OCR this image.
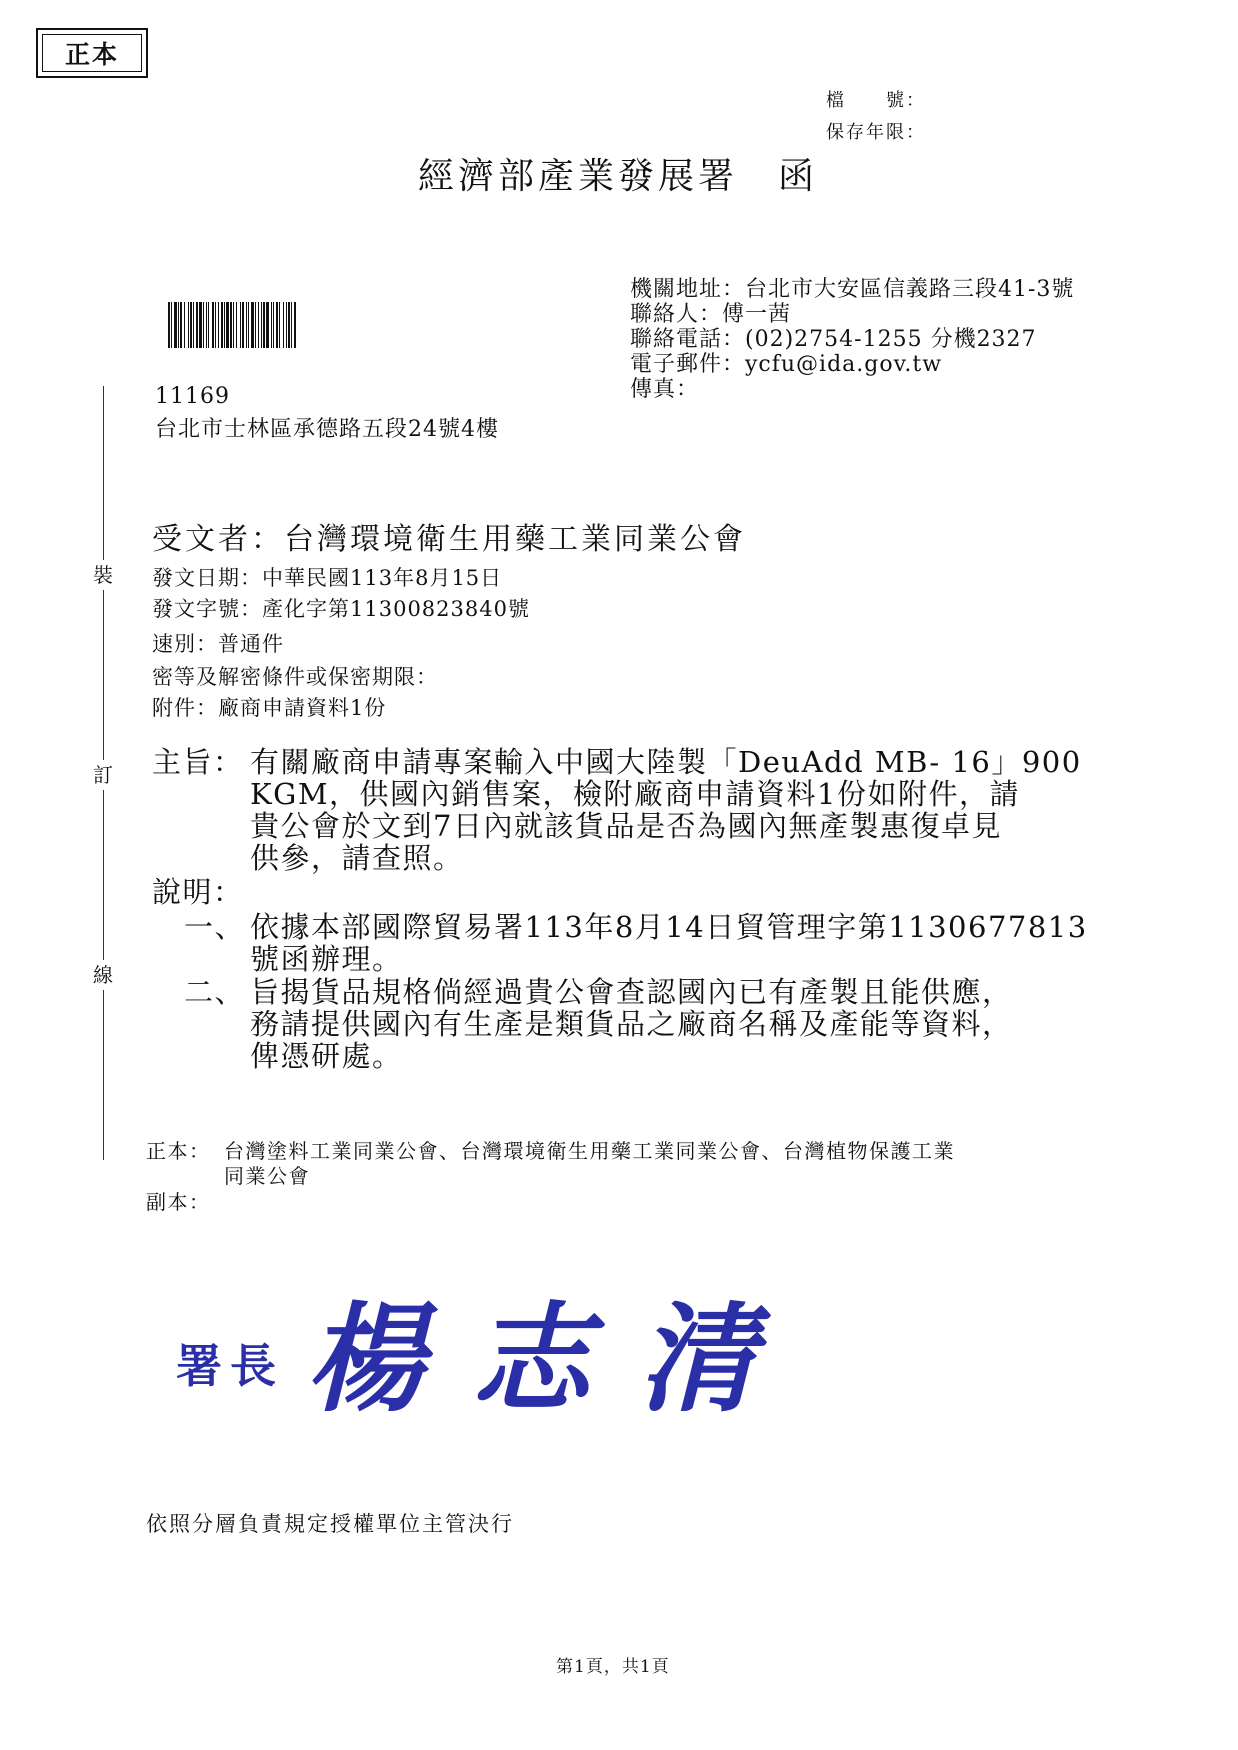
正本
檔　　號：
保存年限：
經濟部產業發展署　函
機關地址：台北市大安區信義路三段41-3號
聯絡人：傅一茜
聯絡電話：(02)2754-1255 分機2327
電子郵件：ycfu@ida.gov.tw
傳真：
裝
訂
線
11169
台北市士林區承德路五段24號4樓
受文者：台灣環境衛生用藥工業同業公會
發文日期：中華民國113年8月15日
發文字號：產化字第11300823840號
速別：普通件
密等及解密條件或保密期限：
附件：廠商申請資料1份
主旨： 有關廠商申請專案輸入中國大陸製「DeuAdd MB- 16」900
KGM，供國內銷售案，檢附廠商申請資料1份如附件，請
貴公會於文到7日內就該貨品是否為國內無產製惠復卓見
供參，請查照。
說明：
一、 依據本部國際貿易署113年8月14日貿管理字第1130677813
號函辦理。
二、 旨揭貨品規格倘經過貴公會查認國內已有產製且能供應，
務請提供國內有生產是類貨品之廠商名稱及產能等資料，
俾憑研處。
正本： 台灣塗料工業同業公會、台灣環境衛生用藥工業同業公會、台灣植物保護工業
同業公會
副本：
署長 楊志清
依照分層負責規定授權單位主管決行
第1頁，共1頁
